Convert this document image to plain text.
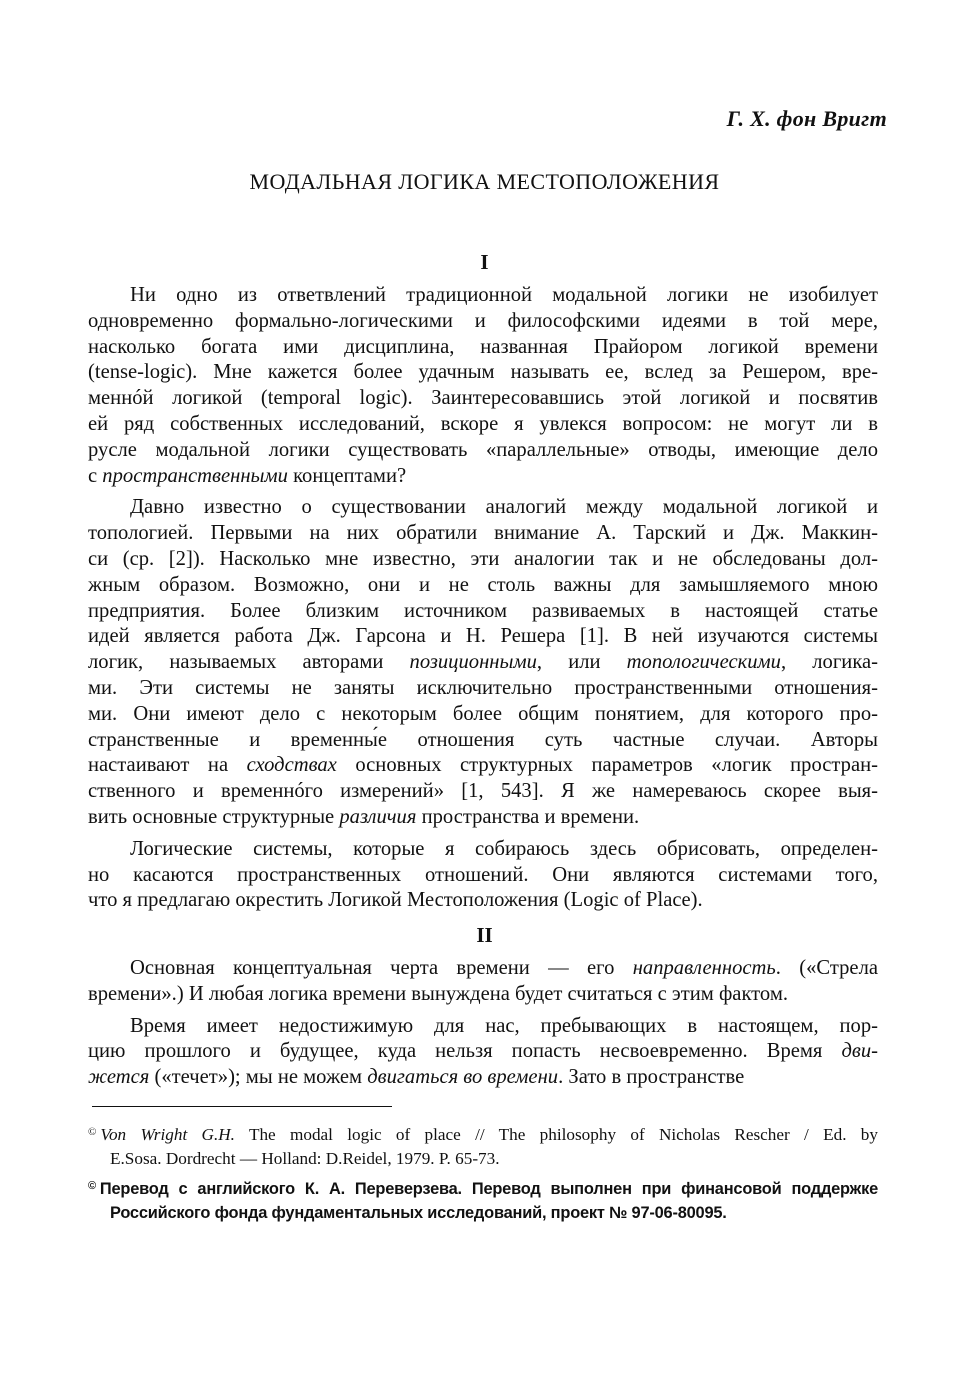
Г. Х. фон Вригт
МОДАЛЬНАЯ ЛОГИКА МЕСТОПОЛОЖЕНИЯ
I
Ни одно из ответвлений традиционной модальной логики не изобилует
одновременно формально-логическими и философскими идеями в той мере,
насколько богата ими дисциплина, названная Прайором логикой времени
(tense-logic). Мне кажется более удачным называть ее, вслед за Решером, вре-
меннóй логикой (temporal logic). Заинтересовавшись этой логикой и посвятив
ей ряд собственных исследований, вскоре я увлекся вопросом: не могут ли в
русле модальной логики существовать «параллельные» отводы, имеющие дело
с пространственными концептами?
Давно известно о существовании аналогий между модальной логикой и
топологией. Первыми на них обратили внимание А. Тарский и Дж. Маккин-
си (ср. [2]). Насколько мне известно, эти аналогии так и не обследованы дол-
жным образом. Возможно, они и не столь важны для замышляемого мною
предприятия. Более близким источником развиваемых в настоящей статье
идей является работа Дж. Гарсона и Н. Решера [1]. В ней изучаются системы
логик, называемых авторами позиционными, или топологическими, логика-
ми. Эти системы не заняты исключительно пространственными отношения-
ми. Они имеют дело с некоторым более общим понятием, для которого про-
странственные и временны́е отношения суть частные случаи. Авторы
настаивают на сходствах основных структурных параметров «логик простран-
ственного и временнóго измерений» [1, 543]. Я же намереваюсь скорее выя-
вить основные структурные различия пространства и времени.
Логические системы, которые я собираюсь здесь обрисовать, определен-
но касаются пространственных отношений. Они являются системами того,
что я предлагаю окрестить Логикой Местоположения (Logic of Place).
II
Основная концептуальная черта времени — его направленность. («Стрела
времени».) И любая логика времени вынуждена будет считаться с этим фактом.
Время имеет недостижимую для нас, пребывающих в настоящем, пор-
цию прошлого и будущее, куда нельзя попасть несвоевременно. Время дви-
жется («течет»); мы не можем двигаться во времени. Зато в пространстве
© Von Wright G.H. The modal logic of place // The philosophy of Nicholas Rescher / Ed. by
E.Sosa. Dordrecht — Holland: D.Reidel, 1979. P. 65-73.
© Перевод с английского К. А. Переверзева. Перевод выполнен при финансовой поддержке
Российского фонда фундаментальных исследований, проект № 97-06-80095.
